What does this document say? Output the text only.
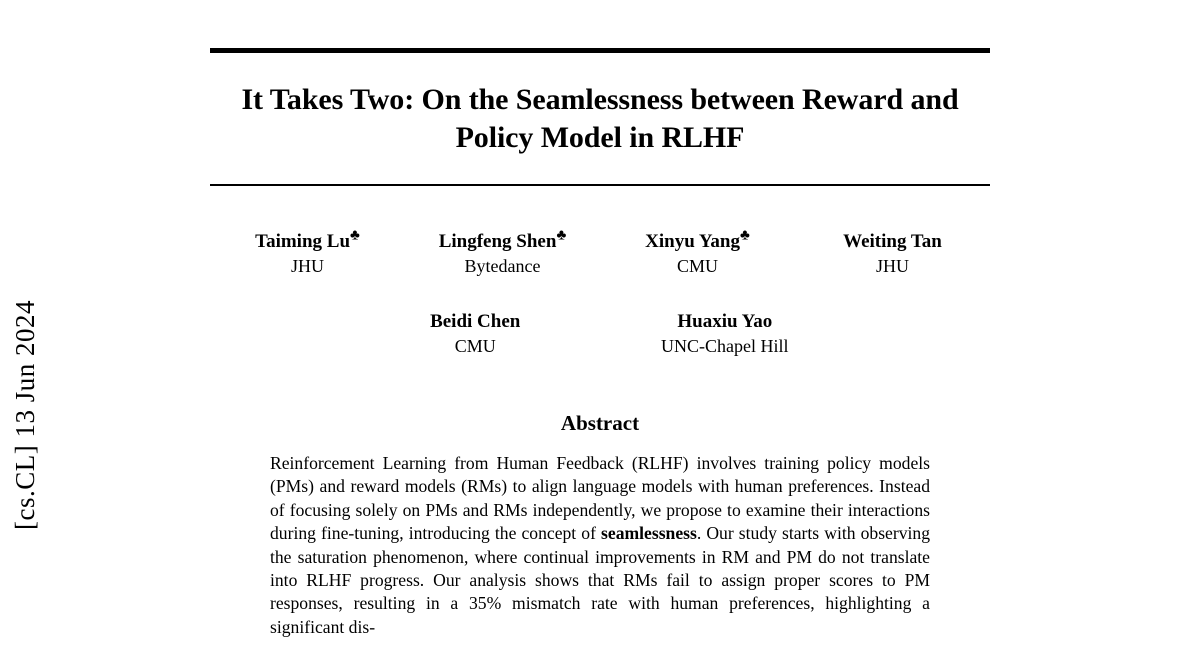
[cs.CL] 13 Jun 2024
It Takes Two: On the Seamlessness between Reward and Policy Model in RLHF
Taiming Lu♣
JHU
Lingfeng Shen♣
Bytedance
Xinyu Yang♣
CMU
Weiting Tan
JHU
Beidi Chen
CMU
Huaxiu Yao
UNC-Chapel Hill
Abstract
Reinforcement Learning from Human Feedback (RLHF) involves training policy models (PMs) and reward models (RMs) to align language models with human preferences. Instead of focusing solely on PMs and RMs independently, we propose to examine their interactions during fine-tuning, introducing the concept of seamlessness. Our study starts with observing the saturation phenomenon, where continual improvements in RM and PM do not translate into RLHF progress. Our analysis shows that RMs fail to assign proper scores to PM responses, resulting in a 35% mismatch rate with human preferences, highlighting a significant dis-
